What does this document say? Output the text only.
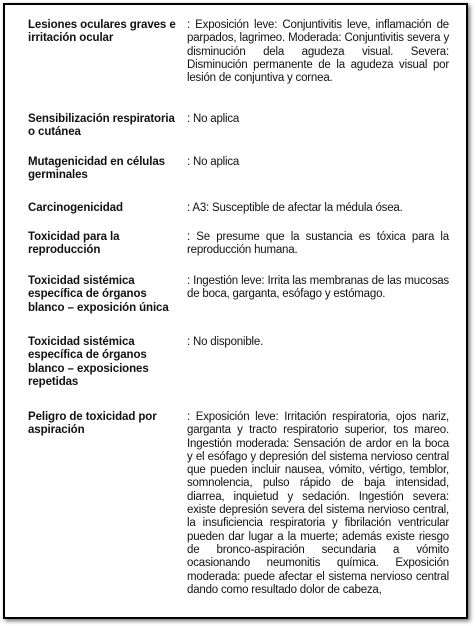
Lesiones oculares graves e irritación ocular
: Exposición leve: Conjuntivitis leve, inflamación de parpados, lagrimeo. Moderada: Conjuntivitis severa y disminución dela agudeza visual. Severa: Disminución permanente de la agudeza visual por lesión de conjuntiva y cornea.
Sensibilización respiratoria o cutánea
: No aplica
Mutagenicidad en células germinales
: No aplica
Carcinogenicidad	: A3: Susceptible de afectar la médula ósea.
Toxicidad para la reproducción
: Se presume que la sustancia es tóxica para la reproducción humana.
Toxicidad sistémica específica de órganos blanco – exposición única
: Ingestión leve: Irrita las membranas de las mucosas de boca, garganta, esófago y estómago.
Toxicidad sistémica específica de órganos blanco – exposiciones repetidas
: No disponible.
Peligro de toxicidad por aspiración
: Exposición leve: Irritación respiratoria, ojos nariz, garganta y tracto respiratorio superior, tos mareo. Ingestión moderada: Sensación de ardor en la boca y el esófago y depresión del sistema nervioso central que pueden incluir nausea, vómito, vértigo, temblor, somnolencia, pulso rápido de baja intensidad, diarrea, inquietud y sedación. Ingestión severa: existe depresión severa del sistema nervioso central, la insuficiencia respiratoria y fibrilación ventricular pueden dar lugar a la muerte; además existe riesgo de bronco-aspiración secundaria a vómito ocasionando neumonitis química. Exposición moderada: puede afectar el sistema nervioso central dando como resultado dolor de cabeza,
